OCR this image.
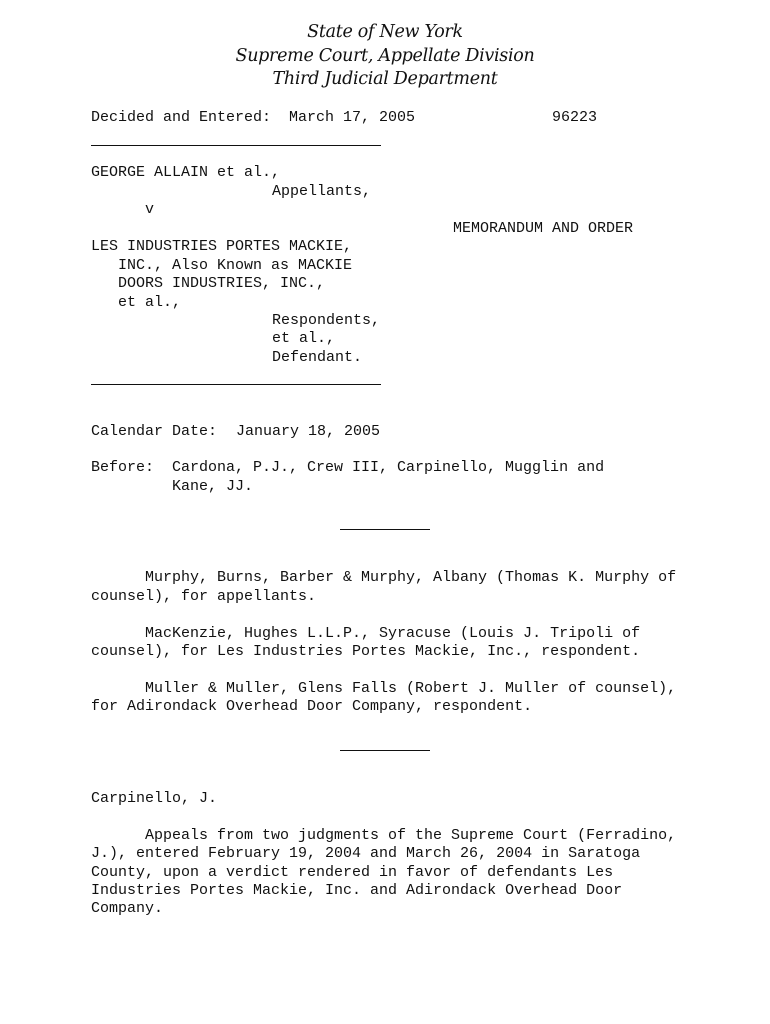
State of New York
Supreme Court, Appellate Division
Third Judicial Department
Decided and Entered: March 17, 2005	96223
GEORGE ALLAIN et al.,
Appellants,
v
MEMORANDUM AND ORDER
LES INDUSTRIES PORTES MACKIE,
INC., Also Known as MACKIE
DOORS INDUSTRIES, INC.,
et al.,
Respondents,
et al.,
Defendant.
Calendar Date: January 18, 2005
Before: Cardona, P.J., Crew III, Carpinello, Mugglin and
Kane, JJ.
Murphy, Burns, Barber & Murphy, Albany (Thomas K. Murphy of
counsel), for appellants.
MacKenzie, Hughes L.L.P., Syracuse (Louis J. Tripoli of
counsel), for Les Industries Portes Mackie, Inc., respondent.
Muller & Muller, Glens Falls (Robert J. Muller of counsel),
for Adirondack Overhead Door Company, respondent.
Carpinello, J.
Appeals from two judgments of the Supreme Court (Ferradino,
J.), entered February 19, 2004 and March 26, 2004 in Saratoga
County, upon a verdict rendered in favor of defendants Les
Industries Portes Mackie, Inc. and Adirondack Overhead Door
Company.
